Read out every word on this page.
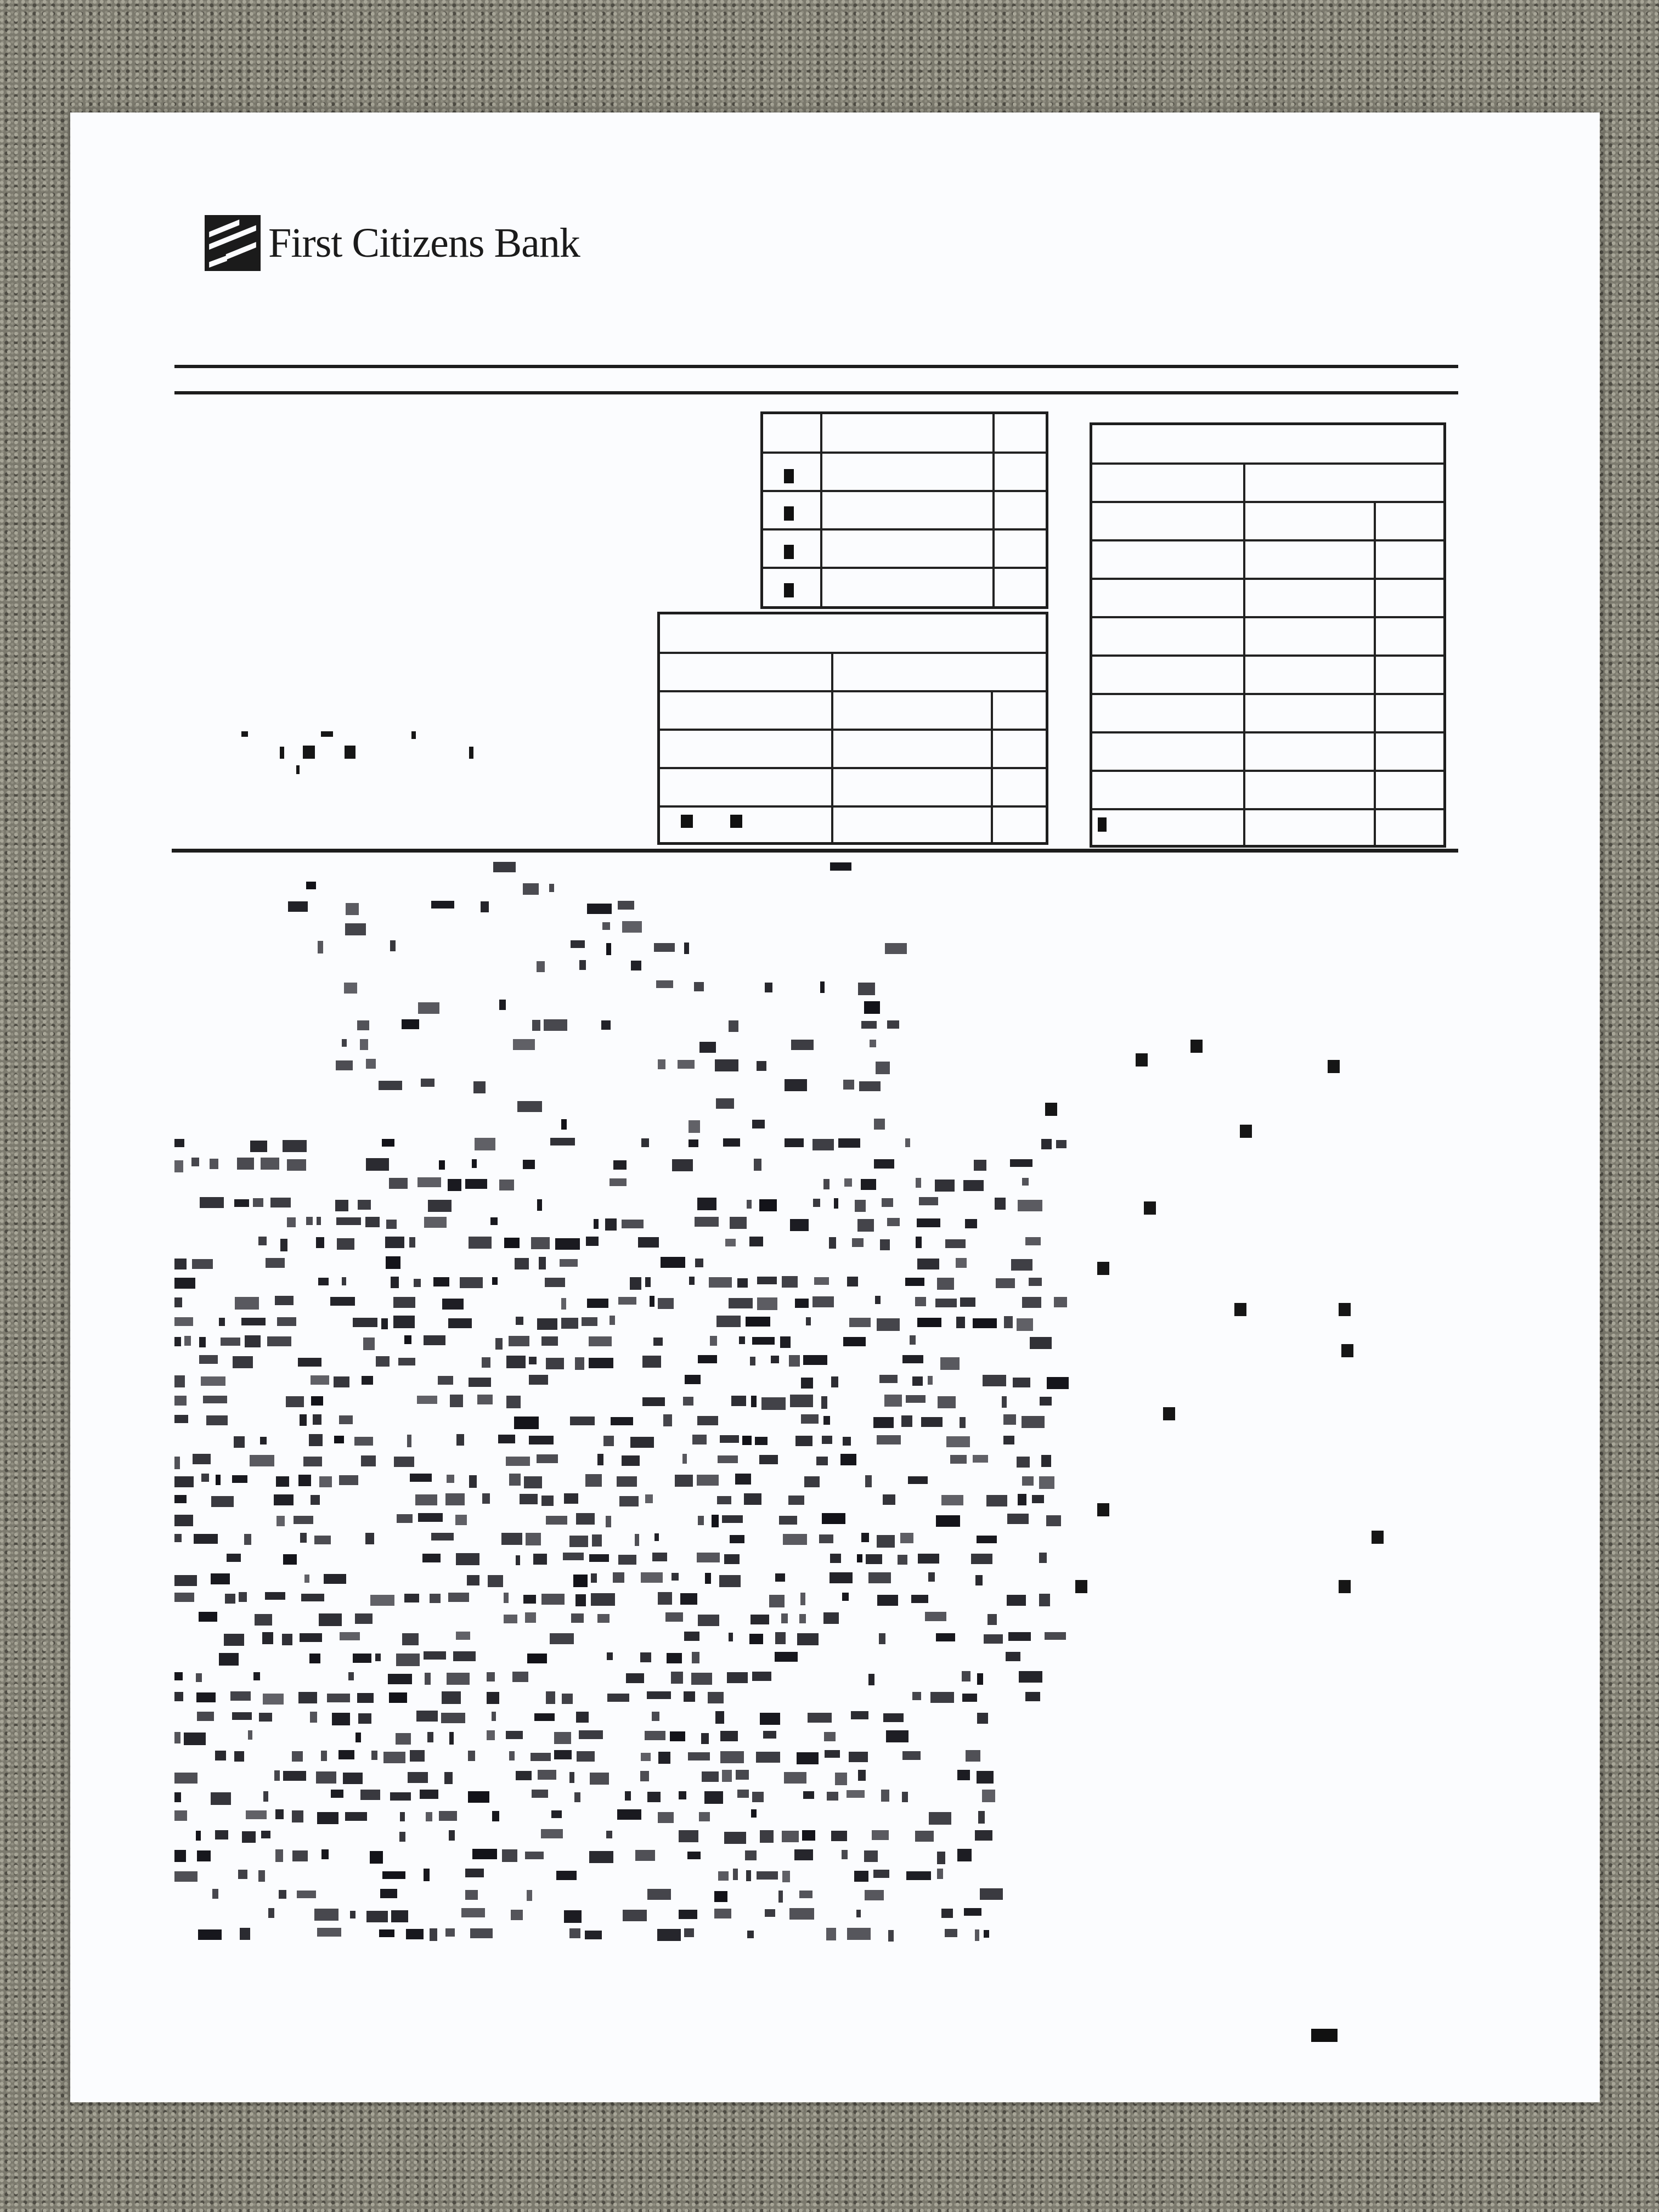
First Citizens Bank
